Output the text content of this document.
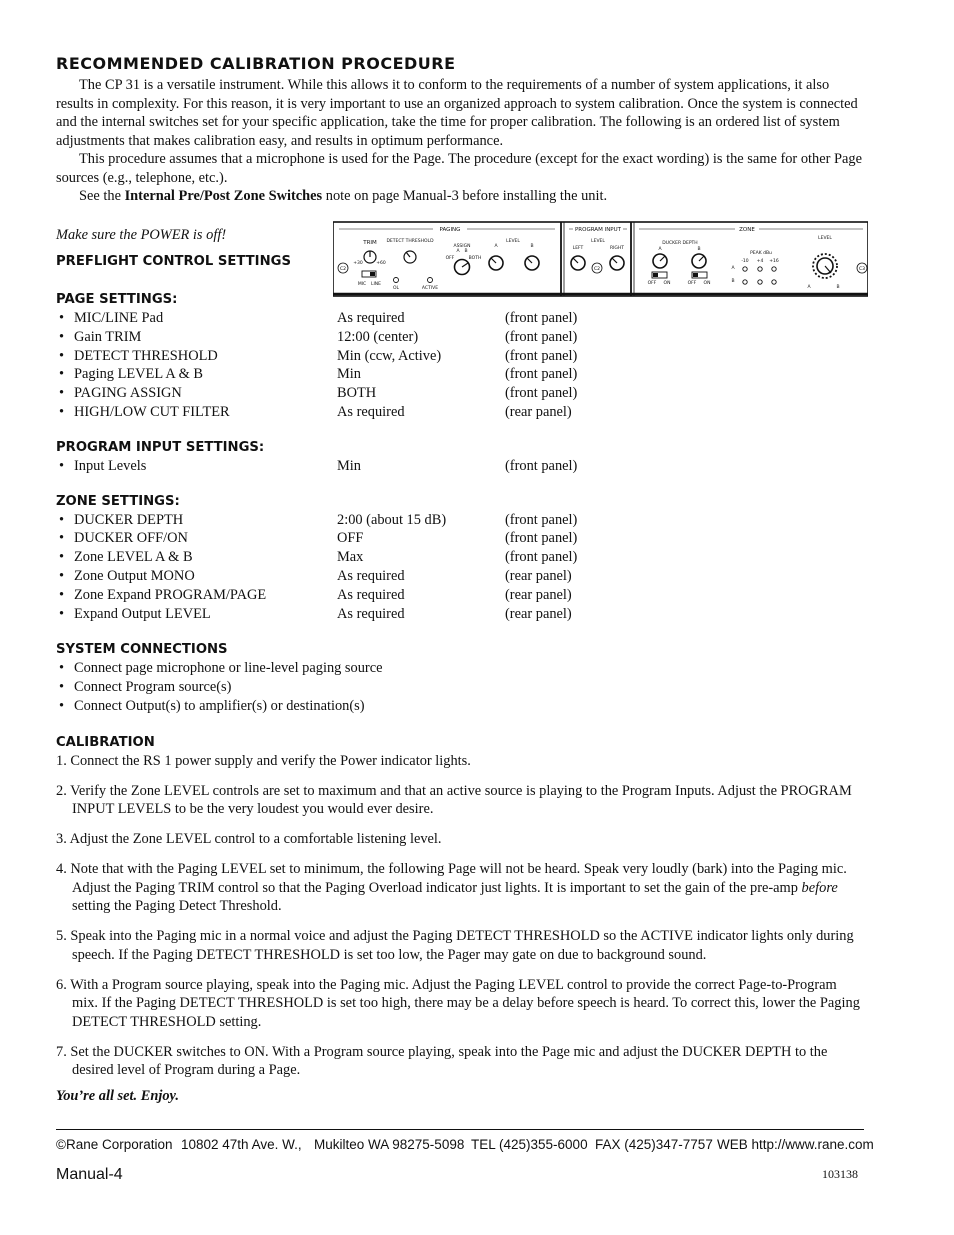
RECOMMENDED CALIBRATION PROCEDURE

The CP 31 is a versatile instrument. While this allows it to conform to the requirements of a number of system applications, it also results in complexity. For this reason, it is very important to use an organized approach to system calibration. Once the system is connected and the internal switches set for your specific application, take the time for proper calibration. The following is an ordered list of system adjustments that makes calibration easy, and results in optimum performance.

This procedure assumes that a microphone is used for the Page. The procedure (except for the exact wording) is the same for other Page sources (e.g., telephone, etc.).

See the Internal Pre/Post Zone Switches note on page Manual-3 before installing the unit.

Make sure the POWER is off!

PREFLIGHT CONTROL SETTINGS

PAGE SETTINGS:

• MIC/LINE Pad	As required	(front panel)
• Gain TRIM	12:00 (center)	(front panel)
• DETECT THRESHOLD	Min (ccw, Active)	(front panel)
• Paging LEVEL A & B	Min	(front panel)
• PAGING ASSIGN	BOTH	(front panel)
• HIGH/LOW CUT FILTER	As required	(rear panel)

PROGRAM INPUT SETTINGS:

• Input Levels	Min	(front panel)

ZONE SETTINGS:

• DUCKER DEPTH	2:00 (about 15 dB)	(front panel)
• DUCKER OFF/ON	OFF	(front panel)
• Zone LEVEL A & B	Max	(front panel)
• Zone Output MONO	As required	(rear panel)
• Zone Expand PROGRAM/PAGE	As required	(rear panel)
• Expand Output LEVEL	As required	(rear panel)

SYSTEM CONNECTIONS

• Connect page microphone or line-level paging source
• Connect Program source(s)
• Connect Output(s) to amplifier(s) or destination(s)

CALIBRATION

1. Connect the RS 1 power supply and verify the Power indicator lights.

2. Verify the Zone LEVEL controls are set to maximum and that an active source is playing to the Program Inputs. Adjust the PROGRAM INPUT LEVELS to be the very loudest you would ever desire.

3. Adjust the Zone LEVEL control to a comfortable listening level.

4. Note that with the Paging LEVEL set to minimum, the following Page will not be heard. Speak very loudly (bark) into the Paging mic. Adjust the Paging TRIM control so that the Paging Overload indicator just lights. It is important to set the gain of the pre-amp before setting the Paging Detect Threshold.

5. Speak into the Paging mic in a normal voice and adjust the Paging DETECT THRESHOLD so the ACTIVE indicator lights only during speech. If the Paging DETECT THRESHOLD is set too low, the Pager may gate on due to background sound.

6. With a Program source playing, speak into the Paging mic. Adjust the Paging LEVEL control to provide the correct Page-to-Program mix. If the Paging DETECT THRESHOLD is set too high, there may be a delay before speech is heard. To correct this, lower the Paging DETECT THRESHOLD setting.

7. Set the DUCKER switches to ON. With a Program source playing, speak into the Page mic and adjust the DUCKER DEPTH to the desired level of Program during a Page.

You’re all set. Enjoy.

PAGING	PROGRAM INPUT	ZONE
TRIM DETECT THRESHOLD
ASSIGN
LEVEL
A	B
OFF	BOTH
A B
MIC LINE
OL	ACTIVE
+30	+60
LEVEL
LEFT	RIGHT
DUCKER DEPTH
A	B
OFF ON	OFF ON
PEAK dBu
-10 +4 +16
A
B
LEVEL
A	B
C2	C2	C3
©Rane Corporation 10802 47th Ave. W., Mukilteo WA 98275-5098 TEL (425)355-6000 FAX (425)347-7757 WEB http://www.rane.com
Manual-4	103138
